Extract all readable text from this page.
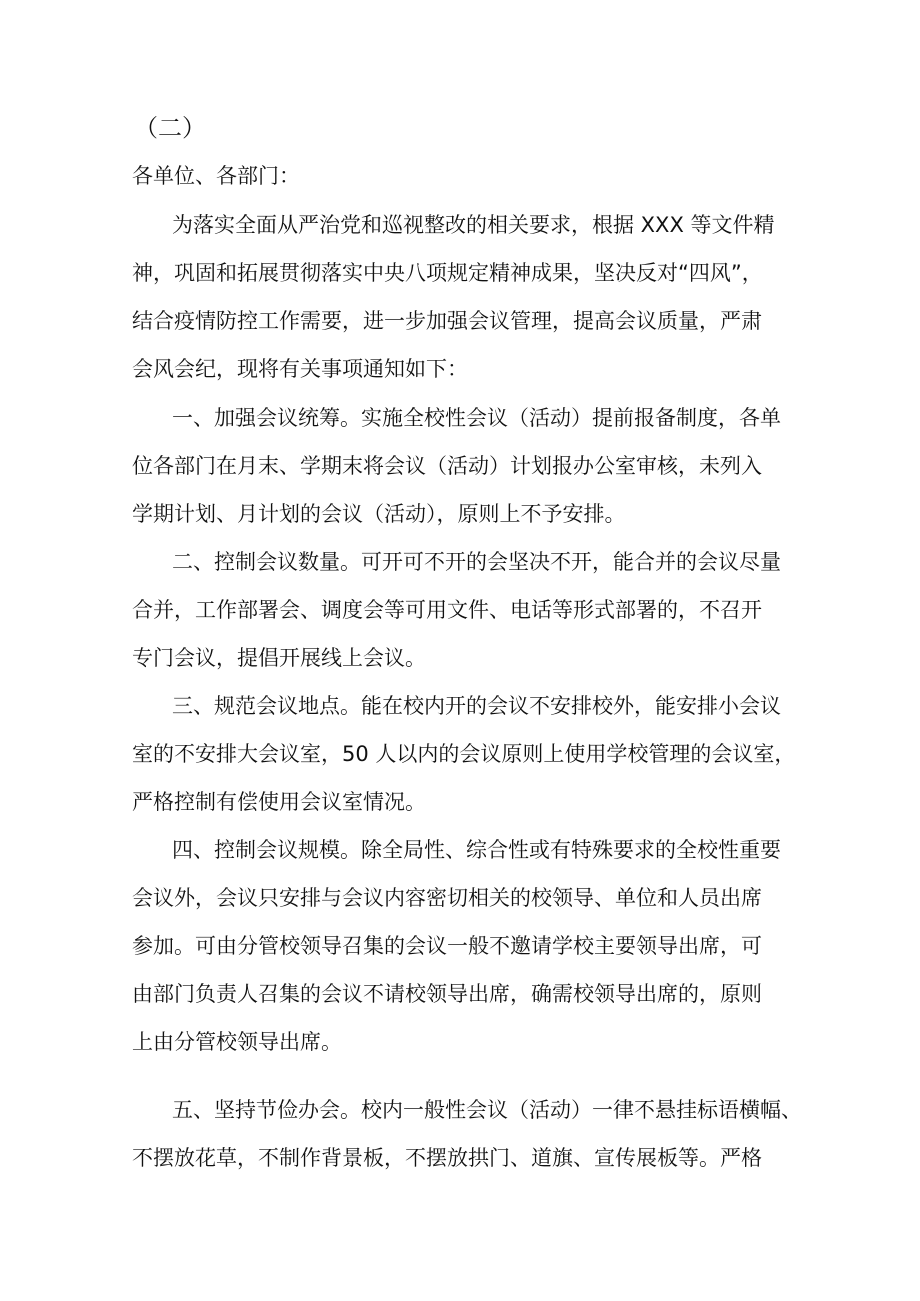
（二）
各单位、各部门：
为落实全面从严治党和巡视整改的相关要求，根据 XXX 等文件精
神，巩固和拓展贯彻落实中央八项规定精神成果，坚决反对“四风”，
结合疫情防控工作需要，进一步加强会议管理，提高会议质量，严肃
会风会纪，现将有关事项通知如下：
一、加强会议统筹。实施全校性会议（活动）提前报备制度，各单
位各部门在月末、学期末将会议（活动）计划报办公室审核，未列入
学期计划、月计划的会议（活动），原则上不予安排。
二、控制会议数量。可开可不开的会坚决不开，能合并的会议尽量
合并，工作部署会、调度会等可用文件、电话等形式部署的，不召开
专门会议，提倡开展线上会议。
三、规范会议地点。能在校内开的会议不安排校外，能安排小会议
室的不安排大会议室，50 人以内的会议原则上使用学校管理的会议室，
严格控制有偿使用会议室情况。
四、控制会议规模。除全局性、综合性或有特殊要求的全校性重要
会议外，会议只安排与会议内容密切相关的校领导、单位和人员出席
参加。可由分管校领导召集的会议一般不邀请学校主要领导出席，可
由部门负责人召集的会议不请校领导出席，确需校领导出席的，原则
上由分管校领导出席。
五、坚持节俭办会。校内一般性会议（活动）一律不悬挂标语横幅、
不摆放花草，不制作背景板，不摆放拱门、道旗、宣传展板等。严格
